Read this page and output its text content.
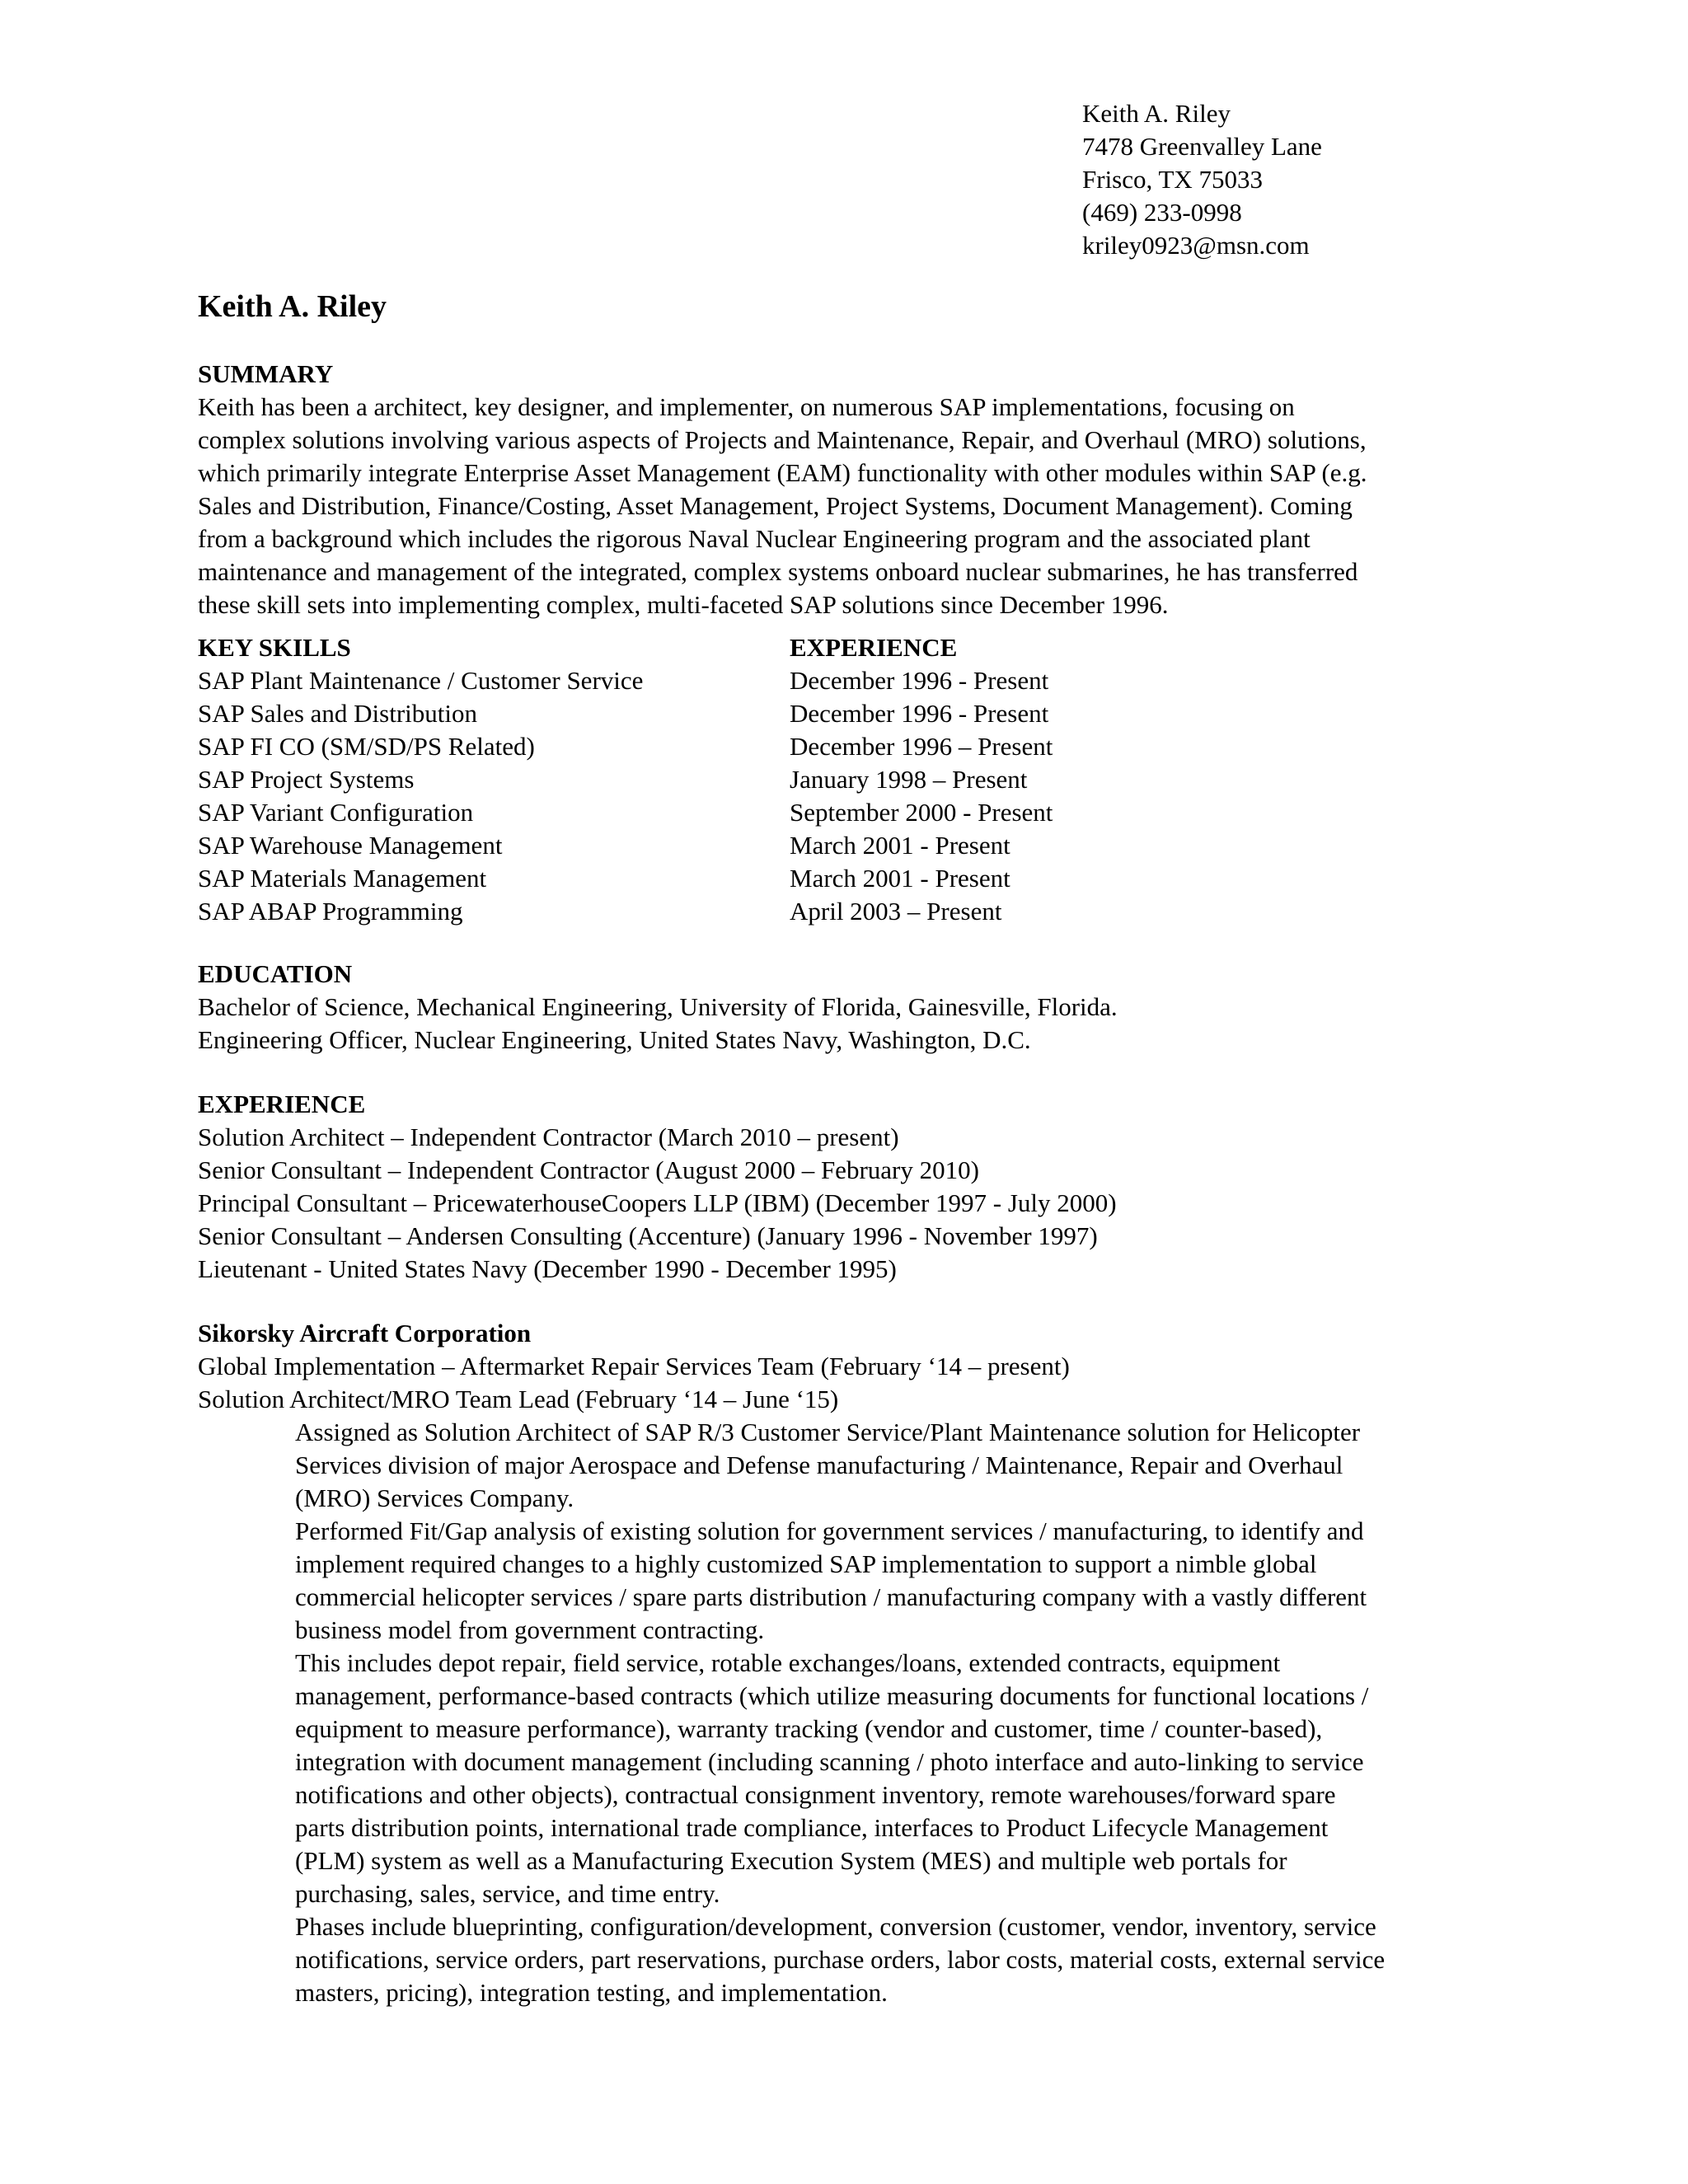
Keith A. Riley
7478 Greenvalley Lane
Frisco, TX 75033
(469) 233-0998
kriley0923@msn.com
Keith A. Riley
SUMMARY
Keith has been a architect, key designer, and implementer, on numerous SAP implementations, focusing on
complex solutions involving various aspects of Projects and Maintenance, Repair, and Overhaul (MRO) solutions,
which primarily integrate Enterprise Asset Management (EAM) functionality with other modules within SAP (e.g.
Sales and Distribution, Finance/Costing, Asset Management, Project Systems, Document Management). Coming
from a background which includes the rigorous Naval Nuclear Engineering program and the associated plant
maintenance and management of the integrated, complex systems onboard nuclear submarines, he has transferred
these skill sets into implementing complex, multi-faceted SAP solutions since December 1996.
KEY SKILLS	EXPERIENCE
SAP Plant Maintenance / Customer Service	December 1996 - Present
SAP Sales and Distribution	December 1996 - Present
SAP FI CO (SM/SD/PS Related)	December 1996 – Present
SAP Project Systems	January 1998 – Present
SAP Variant Configuration	September 2000 - Present
SAP Warehouse Management	March 2001 - Present
SAP Materials Management	March 2001 - Present
SAP ABAP Programming	April 2003 – Present
EDUCATION
Bachelor of Science, Mechanical Engineering, University of Florida, Gainesville, Florida.
Engineering Officer, Nuclear Engineering, United States Navy, Washington, D.C.
EXPERIENCE
Solution Architect – Independent Contractor (March 2010 – present)
Senior Consultant – Independent Contractor (August 2000 – February 2010)
Principal Consultant – PricewaterhouseCoopers LLP (IBM) (December 1997 - July 2000)
Senior Consultant – Andersen Consulting (Accenture) (January 1996 - November 1997)
Lieutenant - United States Navy (December 1990 - December 1995)
Sikorsky Aircraft Corporation
Global Implementation – Aftermarket Repair Services Team (February ‘14 – present)
Solution Architect/MRO Team Lead (February ‘14 – June ‘15)
Assigned as Solution Architect of SAP R/3 Customer Service/Plant Maintenance solution for Helicopter
Services division of major Aerospace and Defense manufacturing / Maintenance, Repair and Overhaul
(MRO) Services Company.
Performed Fit/Gap analysis of existing solution for government services / manufacturing, to identify and
implement required changes to a highly customized SAP implementation to support a nimble global
commercial helicopter services / spare parts distribution / manufacturing company with a vastly different
business model from government contracting.
This includes depot repair, field service, rotable exchanges/loans, extended contracts, equipment
management, performance-based contracts (which utilize measuring documents for functional locations /
equipment to measure performance), warranty tracking (vendor and customer, time / counter-based),
integration with document management (including scanning / photo interface and auto-linking to service
notifications and other objects), contractual consignment inventory, remote warehouses/forward spare
parts distribution points, international trade compliance, interfaces to Product Lifecycle Management
(PLM) system as well as a Manufacturing Execution System (MES) and multiple web portals for
purchasing, sales, service, and time entry.
Phases include blueprinting, configuration/development, conversion (customer, vendor, inventory, service
notifications, service orders, part reservations, purchase orders, labor costs, material costs, external service
masters, pricing), integration testing, and implementation.
